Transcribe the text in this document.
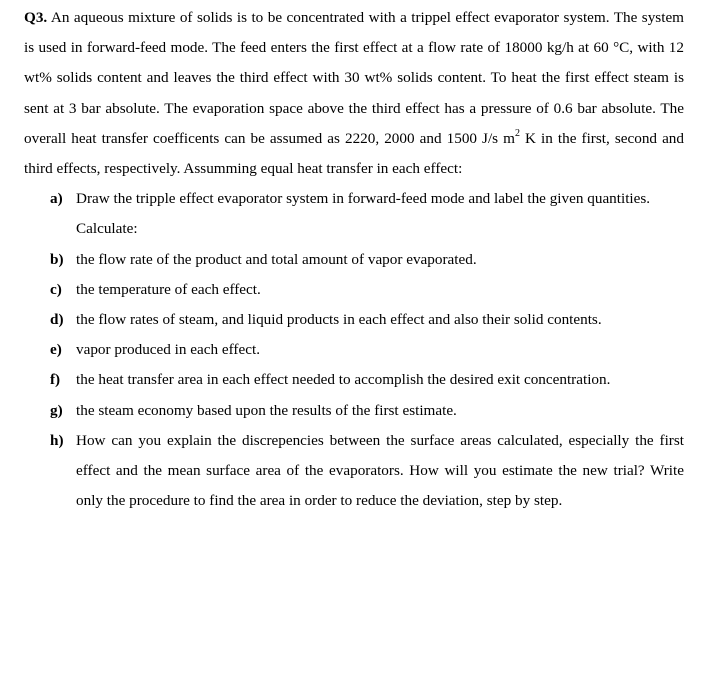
Q3. An aqueous mixture of solids is to be concentrated with a trippel effect evaporator system. The system is used in forward-feed mode. The feed enters the first effect at a flow rate of 18000 kg/h at 60 °C, with 12 wt% solids content and leaves the third effect with 30 wt% solids content. To heat the first effect steam is sent at 3 bar absolute. The evaporation space above the third effect has a pressure of 0.6 bar absolute. The overall heat transfer coefficents can be assumed as 2220, 2000 and 1500 J/s $m^2$ K in the first, second and third effects, respectively. Assumming equal heat transfer in each effect:

a) Draw the tripple effect evaporator system in forward-feed mode and label the given quantities.
Calculate:
b) the flow rate of the product and total amount of vapor evaporated.
c) the temperature of each effect.
d) the flow rates of steam, and liquid products in each effect and also their solid contents.
e) vapor produced in each effect.
f) the heat transfer area in each effect needed to accomplish the desired exit concentration.
g) the steam economy based upon the results of the first estimate.
h) How can you explain the discrepencies between the surface areas calculated, especially the first effect and the mean surface area of the evaporators. How will you estimate the new trial? Write only the procedure to find the area in order to reduce the deviation, step by step.
